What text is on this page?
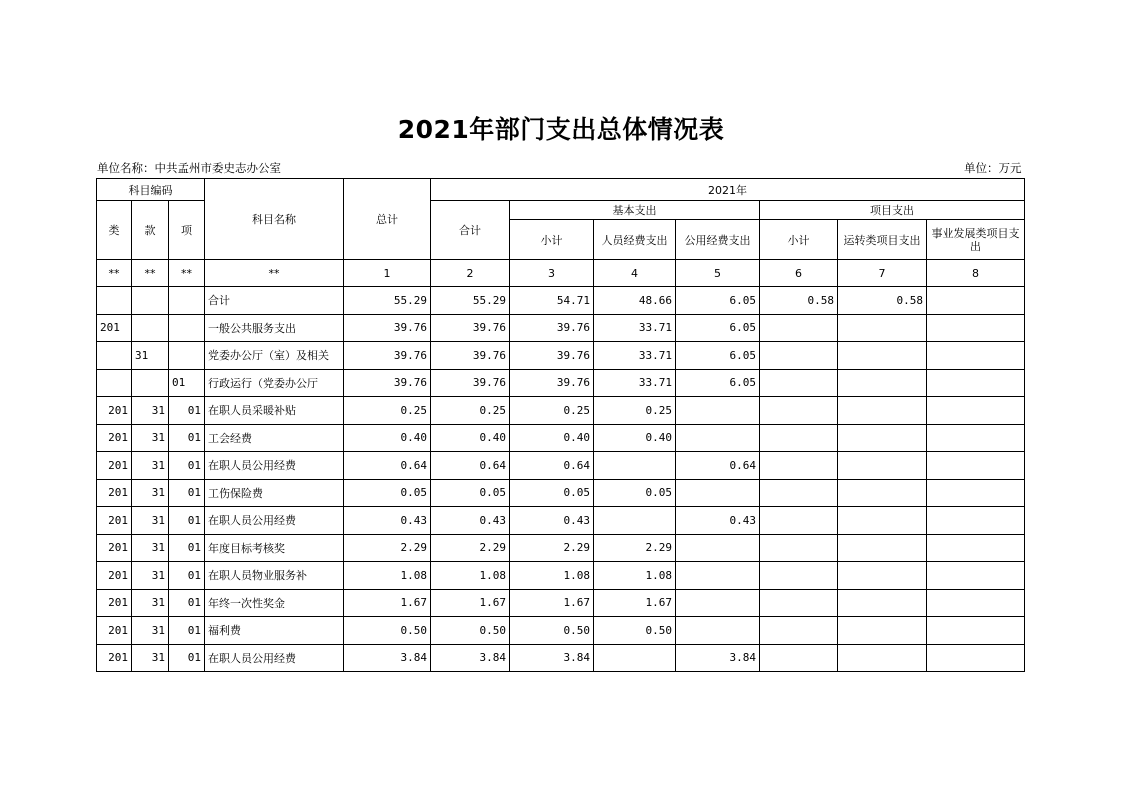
2021年部门支出总体情况表
单位名称：中共孟州市委史志办公室	单位：万元
科目编码			科目名称	总计	2021年						
类	款	项			合计	基本支出			项目支出		
						小计	人员经费支出	公用经费支出	小计	运转类项目支出	事业发展类项目支出
**	**	**	**	1	2	3	4	5	6	7	8
			合计	55.29	55.29	54.71	48.66	6.05	0.58	0.58	
201			一般公共服务支出	39.76	39.76	39.76	33.71	6.05			
	31		党委办公厅（室）及相关	39.76	39.76	39.76	33.71	6.05			
		01	行政运行（党委办公厅	39.76	39.76	39.76	33.71	6.05			
201	31	01	在职人员采暖补贴	0.25	0.25	0.25	0.25				
201	31	01	工会经费	0.40	0.40	0.40	0.40				
201	31	01	在职人员公用经费	0.64	0.64	0.64		0.64			
201	31	01	工伤保险费	0.05	0.05	0.05	0.05				
201	31	01	在职人员公用经费	0.43	0.43	0.43		0.43			
201	31	01	年度目标考核奖	2.29	2.29	2.29	2.29				
201	31	01	在职人员物业服务补	1.08	1.08	1.08	1.08				
201	31	01	年终一次性奖金	1.67	1.67	1.67	1.67				
201	31	01	福利费	0.50	0.50	0.50	0.50				
201	31	01	在职人员公用经费	3.84	3.84	3.84		3.84			
